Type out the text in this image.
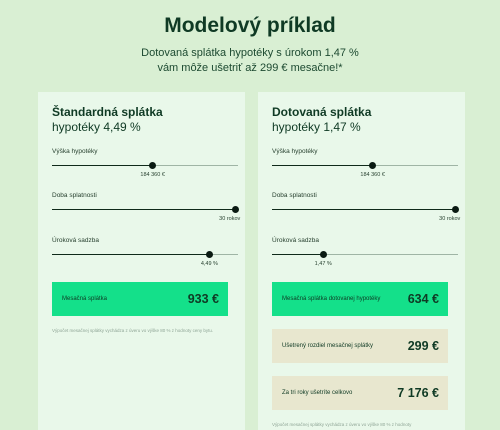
Modelový príklad
Dotovaná splátka hypotéky s úrokom 1,47 %
vám môže ušetriť až 299 € mesačne!*
Štandardná splátka
hypotéky 4,49 %
Výška hypotéky
184 360 €
Doba splatnosti
30 rokov
Úroková sadzba
4,49 %
Mesačná splátka	933 €
Výpočet mesačnej splátky vychádza z úveru vo výške 80 % z hodnoty ceny bytu.
Dotovaná splátka
hypotéky 1,47 %
Výška hypotéky
184 360 €
Doba splatnosti
30 rokov
Úroková sadzba
1,47 %
Mesačná splátka dotovanej hypotéky 634 €
Ušetrený rozdiel mesačnej splátky	299 €
Za tri roky ušetríte celkovo	7 176 €
Výpočet mesačnej splátky vychádza z úveru vo výške 80 % z hodnoty
